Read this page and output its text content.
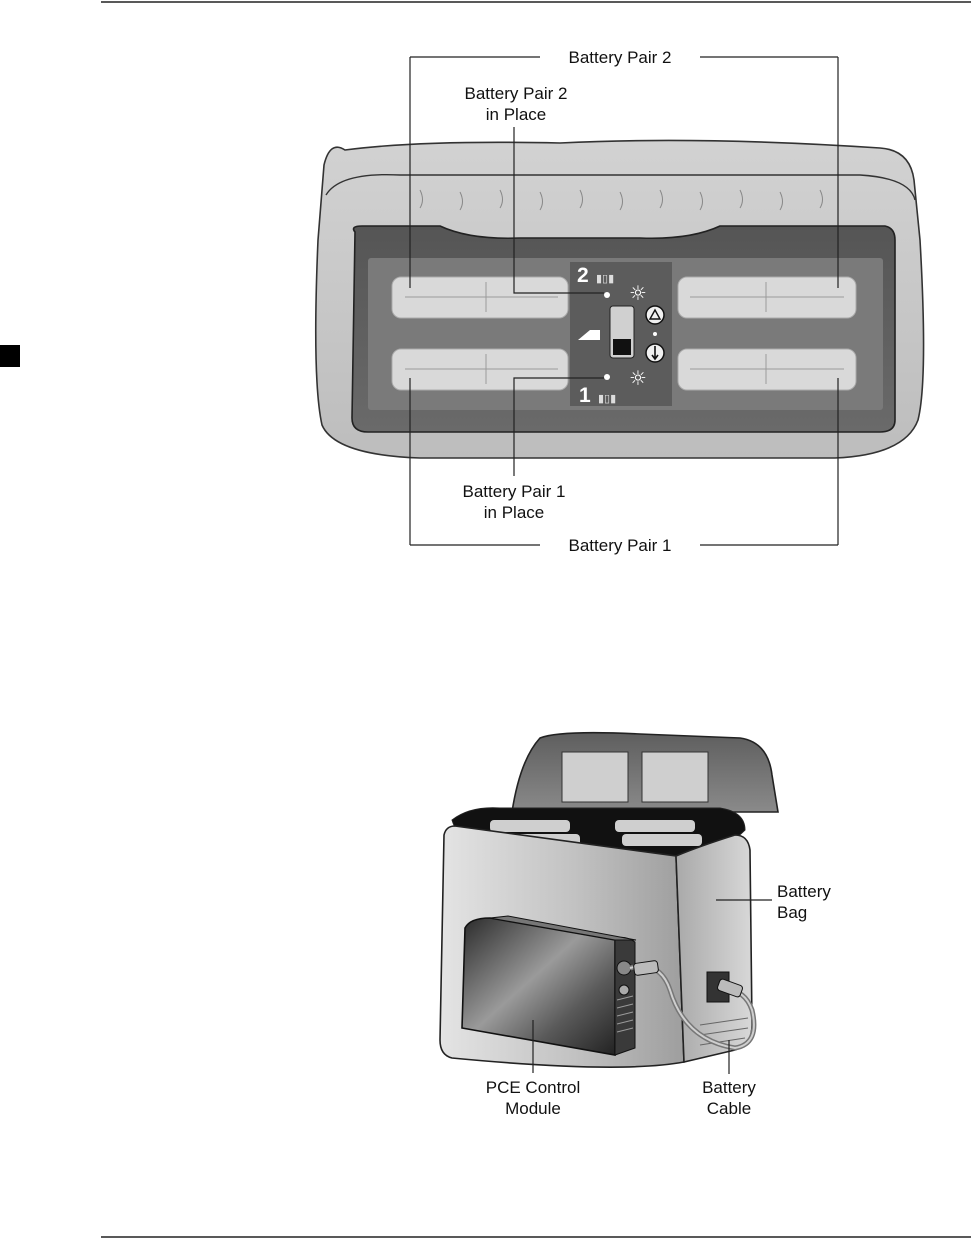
2 ▮▯▮
1 ▮▯▮
☼
☼
Battery Pair 2
Battery Pair 2
in Place
Battery Pair 1
in Place
Battery Pair 1
Battery
Bag
PCE Control
Module
Battery
Cable
